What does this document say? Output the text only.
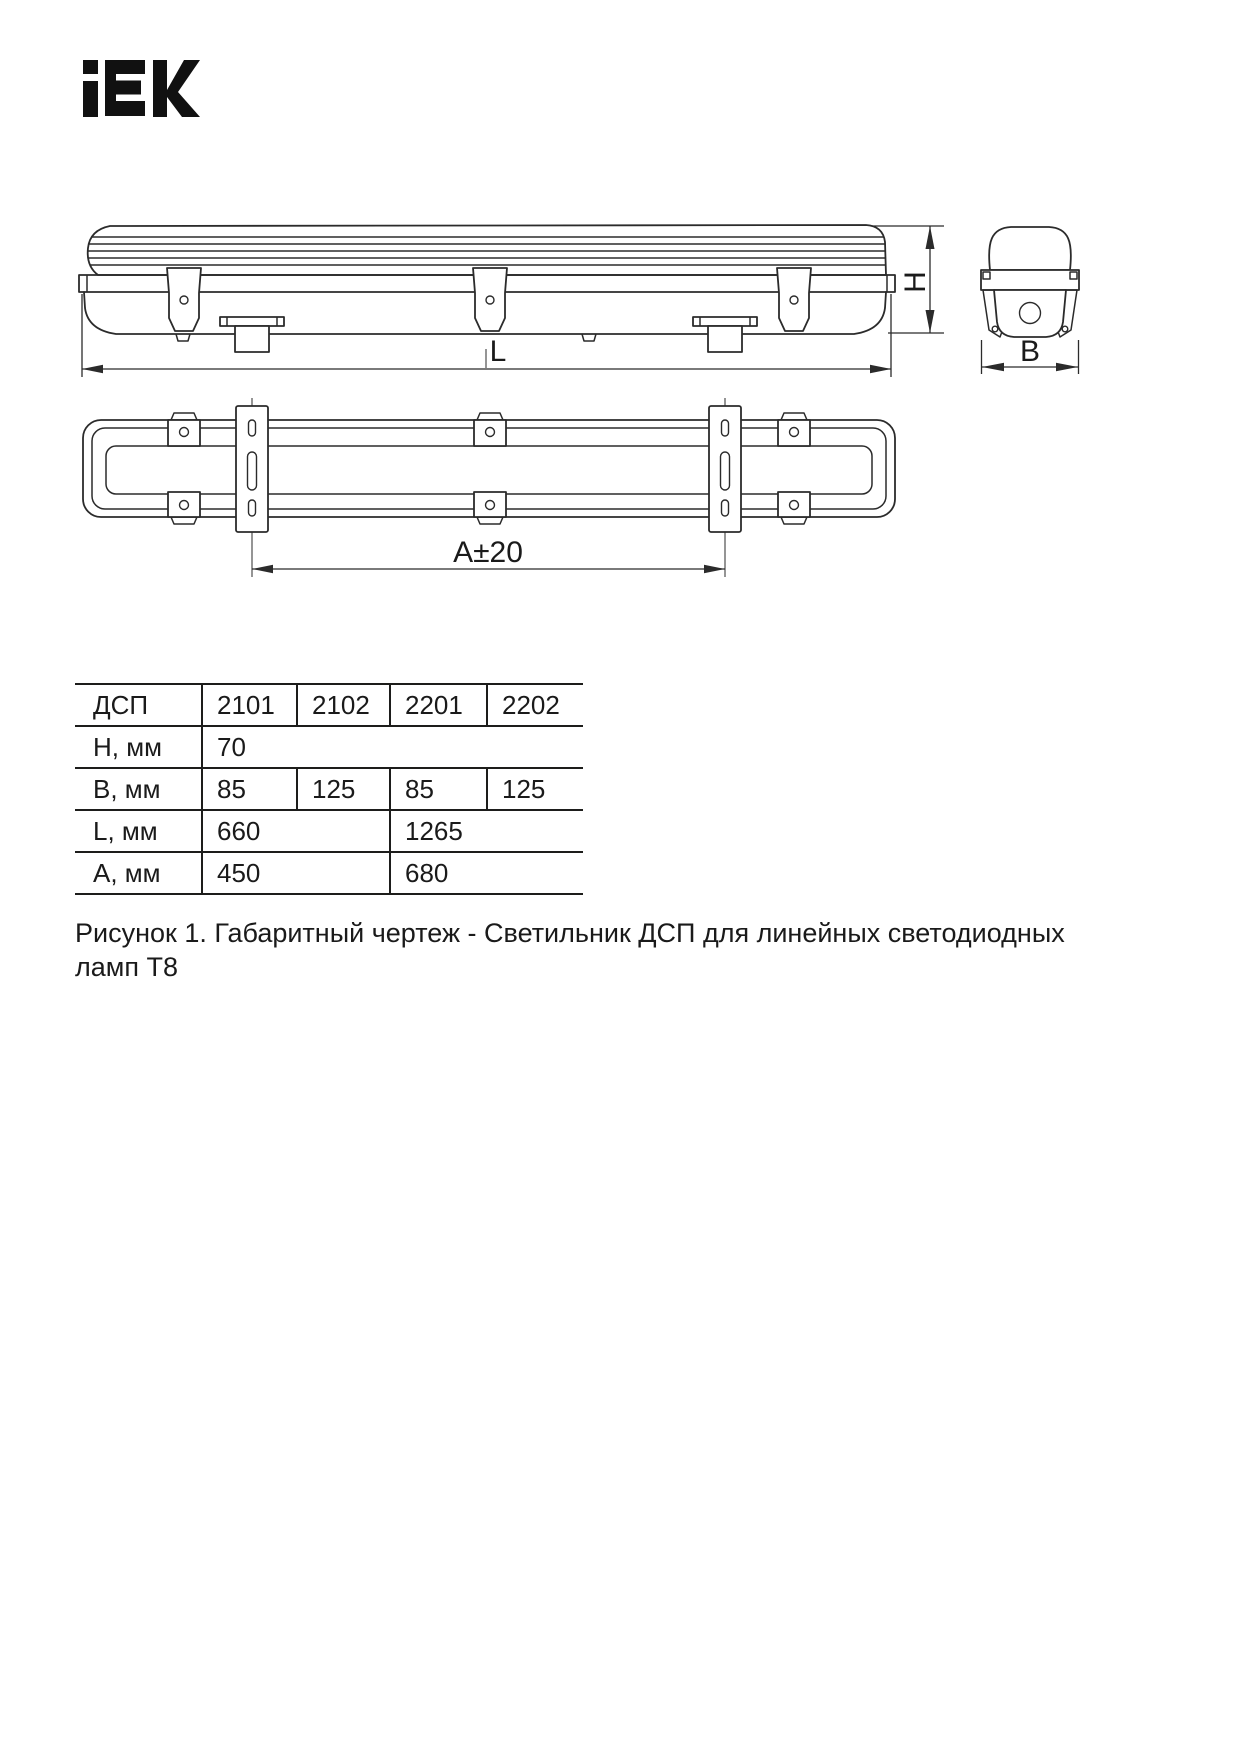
L
H
B
А±20
ДСП	2101	2102	2201	2202
H, мм	70			
B, мм	85	125	85	125
L, мм	660		1265	
A, мм	450		680	
Рисунок 1. Габаритный чертеж - Светильник ДСП для линейных светодиодных ламп Т8
